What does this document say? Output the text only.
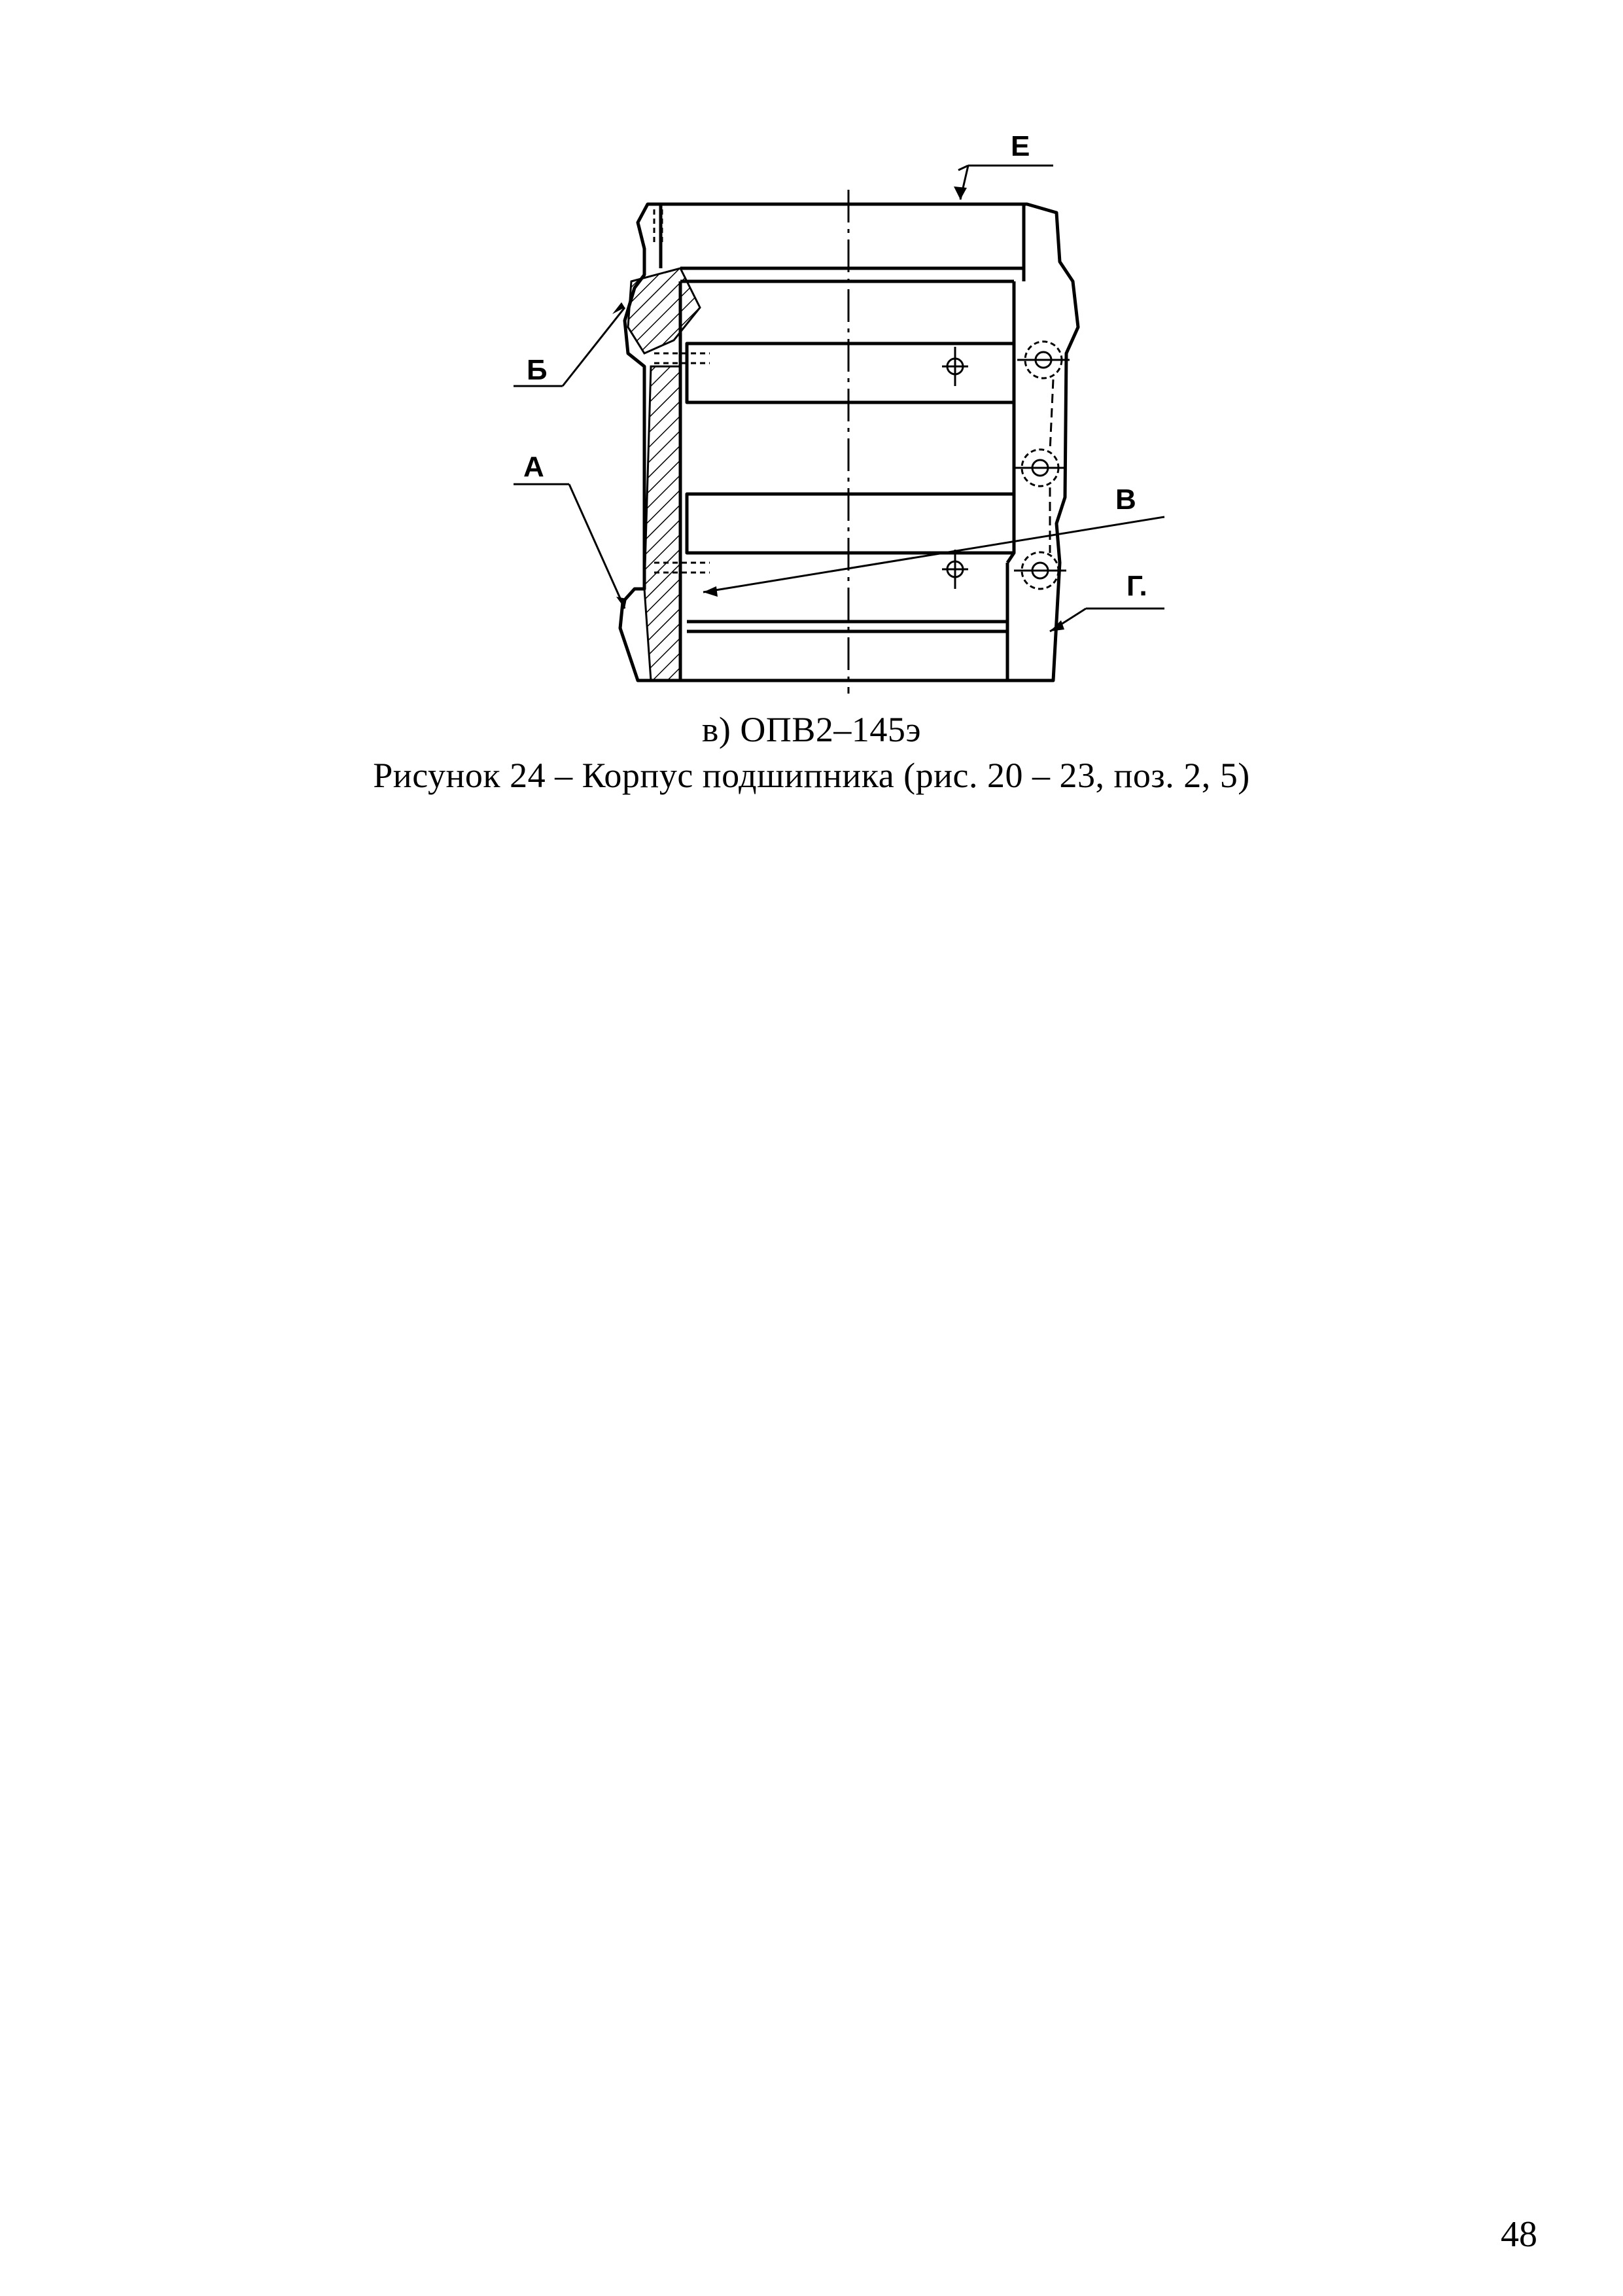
Е
Б
А
В
Г.
в) ОПВ2–145э
Рисунок 24 – Корпус подшипника (рис. 20 – 23, поз. 2, 5)
48
